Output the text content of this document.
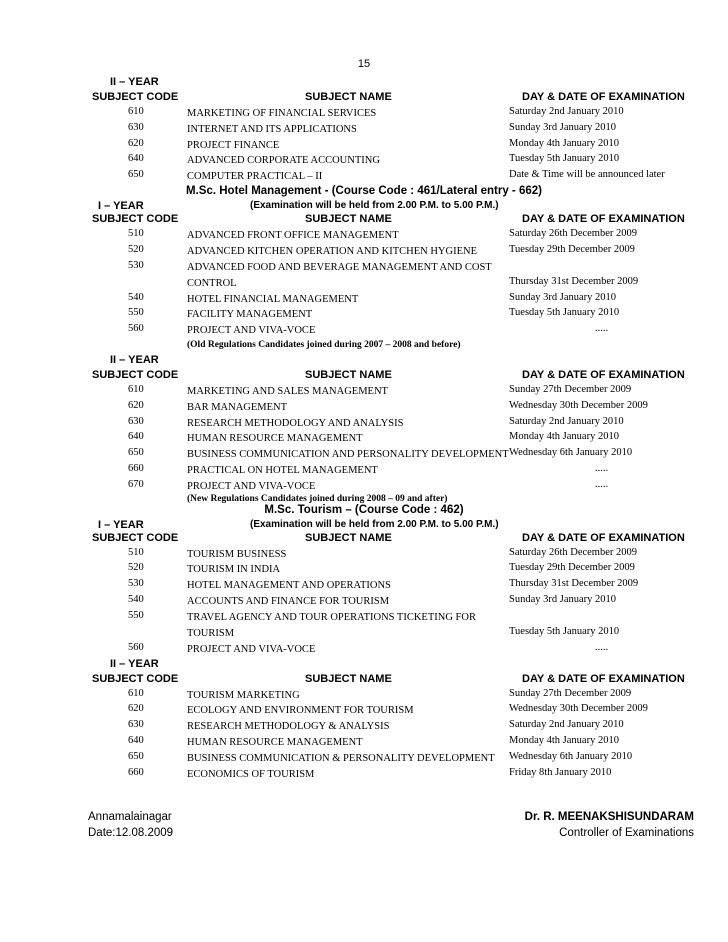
15
II – YEAR
SUBJECT CODE	SUBJECT NAME	DAY & DATE OF EXAMINATION
610	MARKETING OF FINANCIAL SERVICES	Saturday 2nd January 2010
630	INTERNET AND ITS APPLICATIONS	Sunday 3rd January 2010
620	PROJECT FINANCE	Monday 4th January 2010
640	ADVANCED CORPORATE ACCOUNTING	Tuesday 5th January 2010
650	COMPUTER PRACTICAL – II	Date & Time will be announced later
M.Sc. Hotel Management - (Course Code : 461/Lateral entry - 662)
I – YEAR	(Examination will be held from 2.00 P.M. to 5.00 P.M.)
SUBJECT CODE	SUBJECT NAME	DAY & DATE OF EXAMINATION
510	ADVANCED FRONT OFFICE MANAGEMENT	Saturday 26th December 2009
520	ADVANCED KITCHEN OPERATION AND KITCHEN HYGIENE	Tuesday 29th December 2009
530	ADVANCED FOOD AND BEVERAGE MANAGEMENT AND COST CONTROL	Thursday 31st December 2009
540	HOTEL FINANCIAL MANAGEMENT	Sunday 3rd January 2010
550	FACILITY MANAGEMENT	Tuesday 5th January 2010
560	PROJECT AND VIVA-VOCE	.....
(Old Regulations Candidates joined during 2007 – 2008 and before)
II – YEAR
SUBJECT CODE	SUBJECT NAME	DAY & DATE OF EXAMINATION
610	MARKETING AND SALES MANAGEMENT	Sunday 27th December 2009
620	BAR MANAGEMENT	Wednesday 30th December 2009
630	RESEARCH METHODOLOGY AND ANALYSIS	Saturday 2nd January 2010
640	HUMAN RESOURCE MANAGEMENT	Monday 4th January 2010
650	BUSINESS COMMUNICATION AND PERSONALITY DEVELOPMENT Wednesday 6th January 2010
660	PRACTICAL ON HOTEL MANAGEMENT	.....
670	PROJECT AND VIVA-VOCE	.....
(New Regulations Candidates joined during 2008 – 09 and after)
M.Sc. Tourism – (Course Code : 462)
I – YEAR	(Examination will be held from 2.00 P.M. to 5.00 P.M.)
SUBJECT CODE	SUBJECT NAME	DAY & DATE OF EXAMINATION
510	TOURISM BUSINESS	Saturday 26th December 2009
520	TOURISM IN INDIA	Tuesday 29th December 2009
530	HOTEL MANAGEMENT AND OPERATIONS	Thursday 31st December 2009
540	ACCOUNTS AND FINANCE FOR TOURISM	Sunday 3rd January 2010
550	TRAVEL AGENCY AND TOUR OPERATIONS TICKETING FOR TOURISM	Tuesday 5th January 2010
560	PROJECT AND VIVA-VOCE	.....
II – YEAR
SUBJECT CODE	SUBJECT NAME	DAY & DATE OF EXAMINATION
610	TOURISM MARKETING	Sunday 27th December 2009
620	ECOLOGY AND ENVIRONMENT FOR TOURISM	Wednesday 30th December 2009
630	RESEARCH METHODOLOGY & ANALYSIS	Saturday 2nd January 2010
640	HUMAN RESOURCE MANAGEMENT	Monday 4th January 2010
650	BUSINESS COMMUNICATION & PERSONALITY DEVELOPMENT	Wednesday 6th January 2010
660	ECONOMICS OF TOURISM	Friday 8th January 2010
Annamalainagar	Dr. R. MEENAKSHISUNDARAM
Date:12.08.2009	Controller of Examinations
